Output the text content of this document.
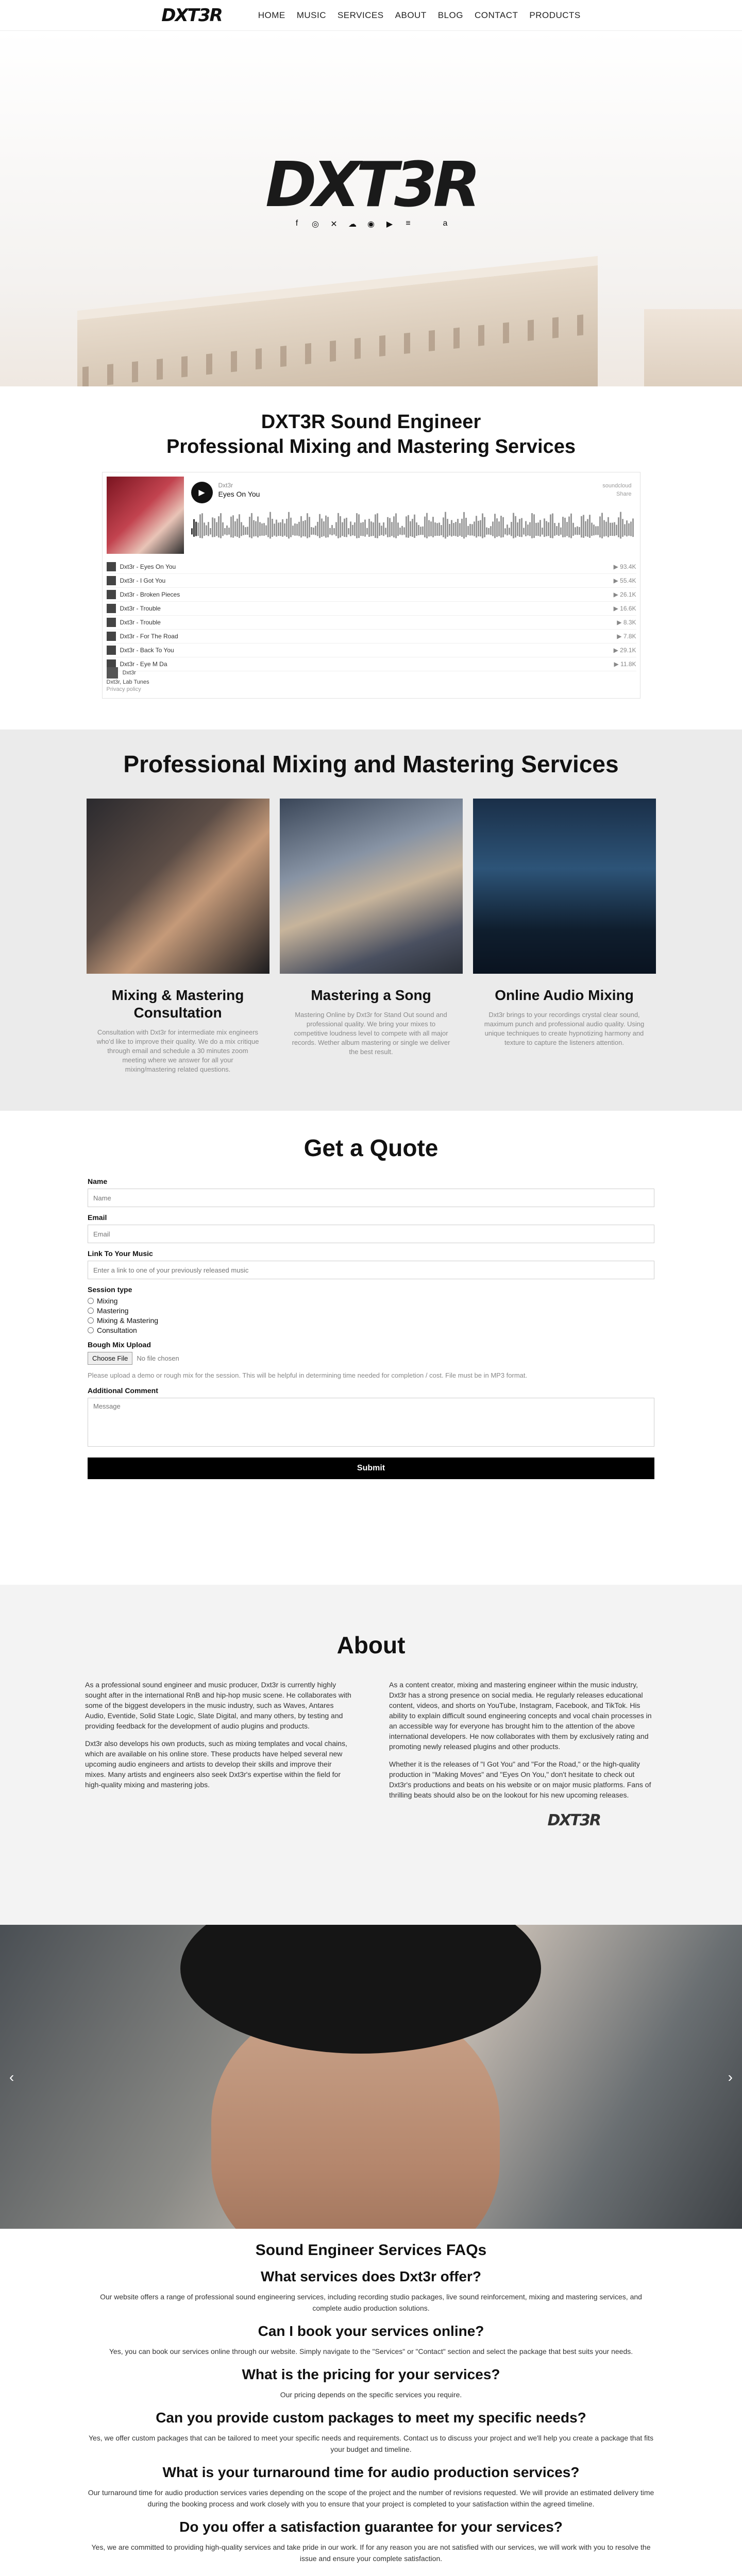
DXT3R	HOME MUSIC SERVICES ABOUT BLOG CONTACT PRODUCTS
DXT3R
f	◎ ✕ ☁ ◉ ▶ ≡	a
DXT3R Sound Engineer
Professional Mixing and Mastering Services
▶
Dxt3r
Eyes On You
soundcloud
Share
Dxt3r - Eyes On You	▶ 93.4K
Dxt3r - I Got You	▶ 55.4K
Dxt3r - Broken Pieces	▶ 26.1K
Dxt3r - Trouble	▶ 16.6K
Dxt3r - Trouble	▶ 8.3K
Dxt3r - For The Road	▶ 7.8K
Dxt3r - Back To You	▶ 29.1K
Dxt3r - Eye M Da	▶ 11.8K
Dxt3r
Dxt3r, Lab Tunes
Privacy policy
Professional Mixing and Mastering Services
Mixing & Mastering Consultation

Consultation with Dxt3r for intermediate mix engineers who'd like to improve their quality. We do a mix critique through email and schedule a 30 minutes zoom meeting where we answer for all your mixing/mastering related questions.

Mastering a Song

Mastering Online by Dxt3r for Stand Out sound and professional quality. We bring your mixes to competitive loudness level to compete with all major records. Wether album mastering or single we deliver the best result.

Online Audio Mixing

Dxt3r brings to your recordings crystal clear sound, maximum punch and professional audio quality. Using unique techniques to create hypnotizing harmony and texture to capture the listeners attention.

Get a Quote
Name
Name
Email
Email
Link To Your Music
Enter a link to one of your previously released music
Session type
Mixing
Mastering
Mixing & Mastering
Consultation
Bough Mix Upload
Choose File	No file chosen
Please upload a demo or rough mix for the session. This will be helpful in determining time needed for completion / cost. File must be in MP3 format.
Additional Comment
Message Submit
About

As a professional sound engineer and music producer, Dxt3r is currently highly sought after in the international RnB and hip-hop music scene. He collaborates with some of the biggest developers in the music industry, such as Waves, Antares Audio, Eventide, Solid State Logic, Slate Digital, and many others, by testing and providing feedback for the development of audio plugins and products.

Dxt3r also develops his own products, such as mixing templates and vocal chains, which are available on his online store. These products have helped several new upcoming audio engineers and artists to develop their skills and improve their mixes. Many artists and engineers also seek Dxt3r's expertise within the field for high-quality mixing and mastering jobs.

As a content creator, mixing and mastering engineer within the music industry, Dxt3r has a strong presence on social media. He regularly releases educational content, videos, and shorts on YouTube, Instagram, Facebook, and TikTok. His ability to explain difficult sound engineering concepts and vocal chain processes in an accessible way for everyone has brought him to the attention of the above international developers. He now collaborates with them by exclusively rating and promoting newly released plugins and other products.

Whether it is the releases of "I Got You" and "For the Road," or the high-quality production in "Making Moves" and "Eyes On You," don't hesitate to check out Dxt3r's productions and beats on his website or on major music platforms. Fans of thrilling beats should also be on the lookout for his new upcoming releases.

DXT3R
‹	›
Sound Engineer Services FAQs
What services does Dxt3r offer?

Our website offers a range of professional sound engineering services, including recording studio packages, live sound reinforcement, mixing and mastering services, and complete audio production solutions.

Can I book your services online?

Yes, you can book our services online through our website. Simply navigate to the "Services" or "Contact" section and select the package that best suits your needs.

What is the pricing for your services?

Our pricing depends on the specific services you require.

Can you provide custom packages to meet my specific needs?

Yes, we offer custom packages that can be tailored to meet your specific needs and requirements. Contact us to discuss your project and we'll help you create a package that fits your budget and timeline.

What is your turnaround time for audio production services?

Our turnaround time for audio production services varies depending on the scope of the project and the number of revisions requested. We will provide an estimated delivery time during the booking process and work closely with you to ensure that your project is completed to your satisfaction within the agreed timeline.

Do you offer a satisfaction guarantee for your services?

Yes, we are committed to providing high-quality services and take pride in our work. If for any reason you are not satisfied with our services, we will work with you to resolve the issue and ensure your complete satisfaction.
